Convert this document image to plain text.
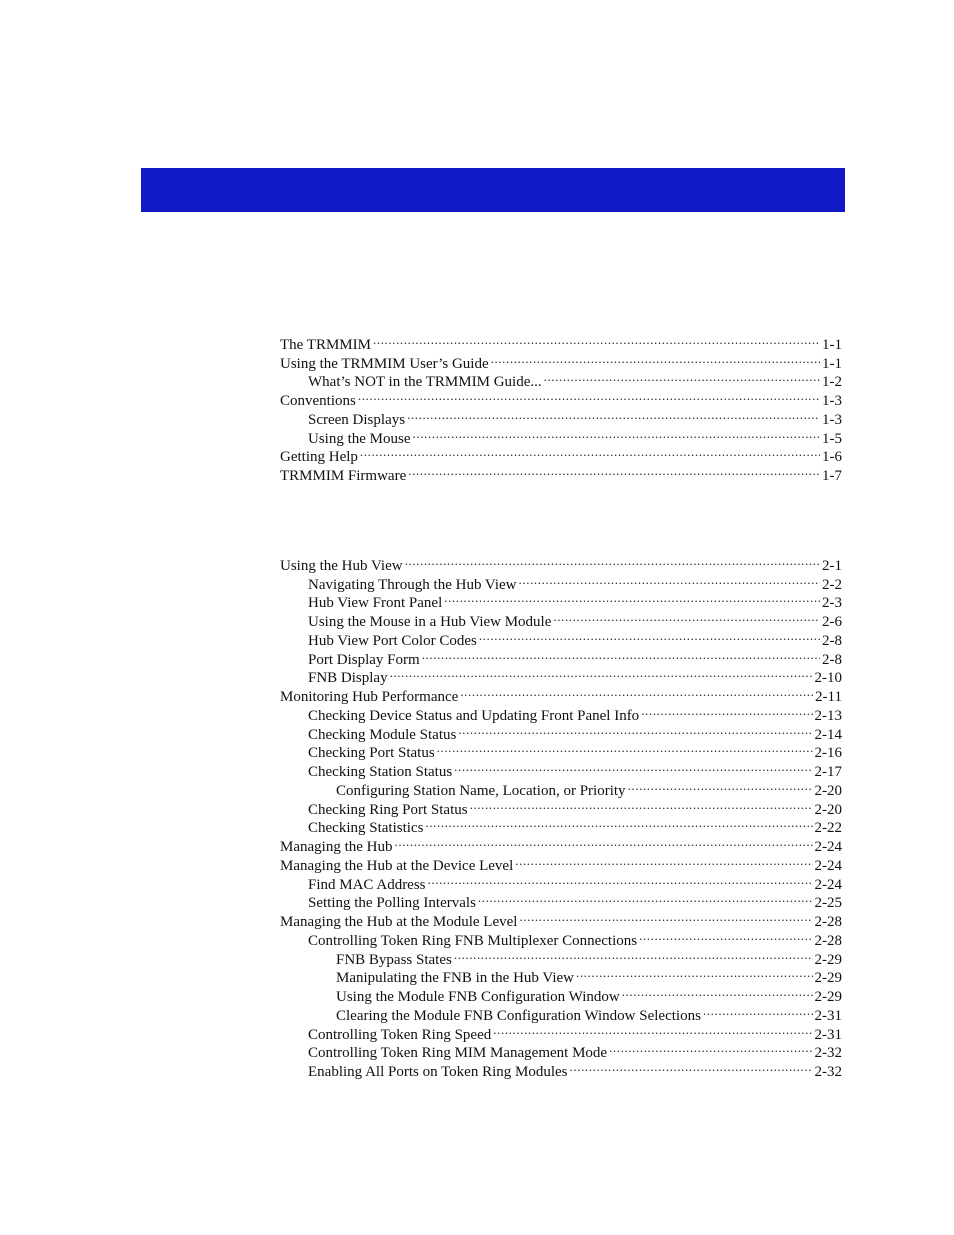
The TRMMIM .....	1-1
Using the TRMMIM User’s Guide .....	1-1
What’s NOT in the TRMMIM Guide... .....	1-2
Conventions .....	1-3
Screen Displays .....	1-3
Using the Mouse .....	1-5
Getting Help .....	1-6
TRMMIM Firmware .....	1-7
Using the Hub View .....	2-1
Navigating Through the Hub View .....	2-2
Hub View Front Panel .....	2-3
Using the Mouse in a Hub View Module .....	2-6
Hub View Port Color Codes .....	2-8
Port Display Form .....	2-8
FNB Display .....	2-10
Monitoring Hub Performance .....	2-11
Checking Device Status and Updating Front Panel Info .....	2-13
Checking Module Status .....	2-14
Checking Port Status .....	2-16
Checking Station Status .....	2-17
Configuring Station Name, Location, or Priority .....	2-20
Checking Ring Port Status .....	2-20
Checking Statistics .....	2-22
Managing the Hub .....	2-24
Managing the Hub at the Device Level .....	2-24
Find MAC Address .....	2-24
Setting the Polling Intervals .....	2-25
Managing the Hub at the Module Level .....	2-28
Controlling Token Ring FNB Multiplexer Connections .....	2-28
FNB Bypass States .....	2-29
Manipulating the FNB in the Hub View .....	2-29
Using the Module FNB Configuration Window .....	2-29
Clearing the Module FNB Configuration Window Selections .....	2-31
Controlling Token Ring Speed .....	2-31
Controlling Token Ring MIM Management Mode .....	2-32
Enabling All Ports on Token Ring Modules .....	2-32
